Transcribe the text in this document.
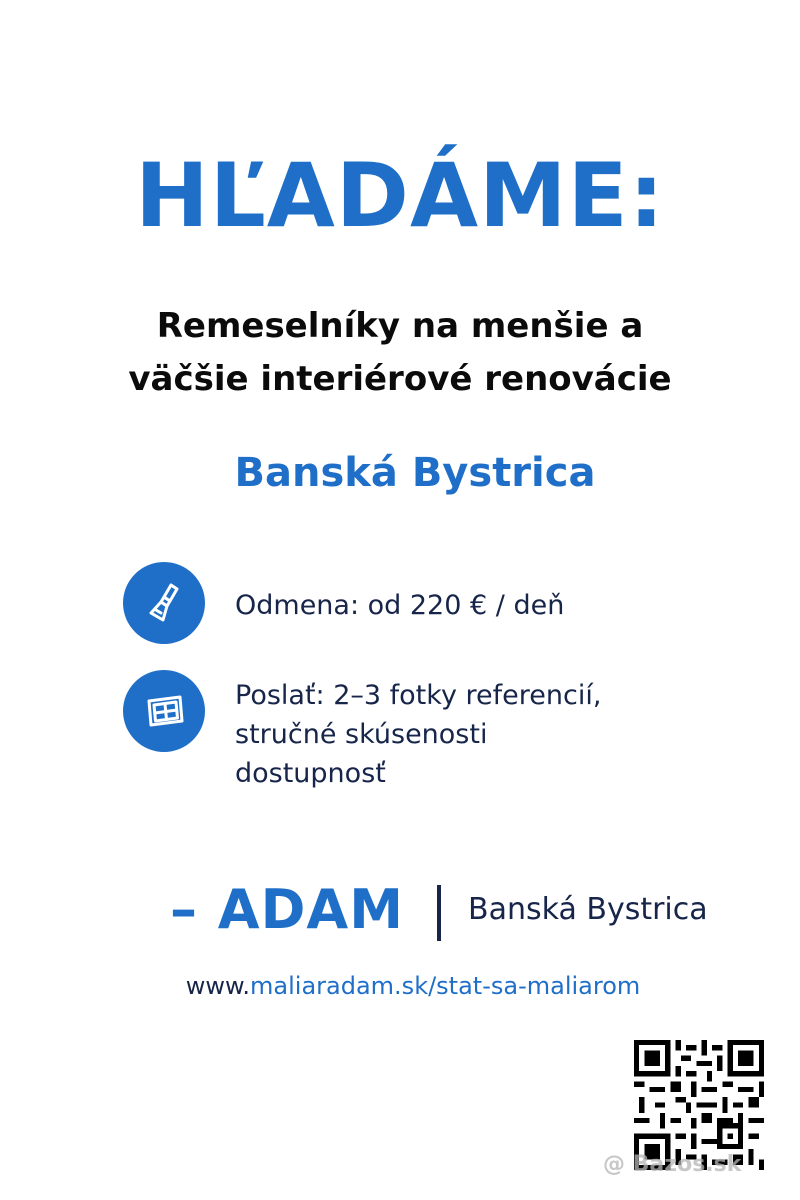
HĽADÁME:
Remeselníky na menšie a
väčšie interiérové renovácie
Banská Bystrica
Odmena: od 220 € / deň
Poslať: 2–3 fotky referencií,
stručné skúsenosti
dostupnosť
– ADAM Banská Bystrica
www.maliaradam.sk/stat-sa-maliarom
@ Bazos.sk
